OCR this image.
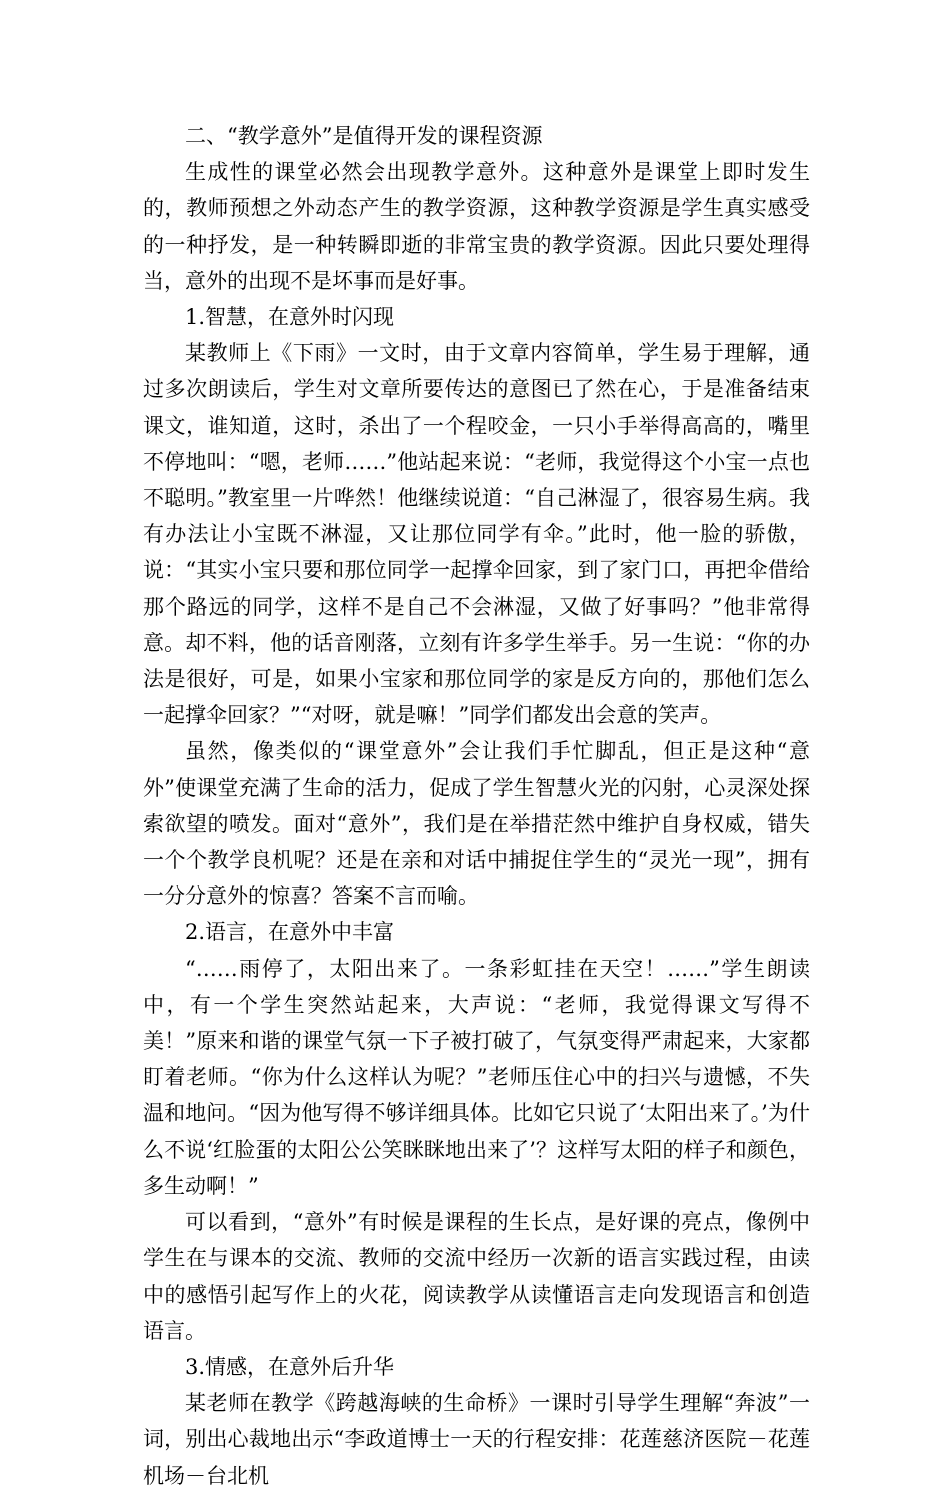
二、“教学意外”是值得开发的课程资源

生成性的课堂必然会出现教学意外。这种意外是课堂上即时发生的，教师预想之外动态产生的教学资源，这种教学资源是学生真实感受的一种抒发，是一种转瞬即逝的非常宝贵的教学资源。因此只要处理得当，意外的出现不是坏事而是好事。

1.智慧，在意外时闪现

某教师上《下雨》一文时，由于文章内容简单，学生易于理解，通过多次朗读后，学生对文章所要传达的意图已了然在心，于是准备结束课文，谁知道，这时，杀出了一个程咬金，一只小手举得高高的，嘴里不停地叫：“嗯，老师……”他站起来说：“老师，我觉得这个小宝一点也不聪明。”教室里一片哗然！他继续说道：“自己淋湿了，很容易生病。我有办法让小宝既不淋湿，又让那位同学有伞。”此时，他一脸的骄傲，说：“其实小宝只要和那位同学一起撑伞回家，到了家门口，再把伞借给那个路远的同学，这样不是自己不会淋湿，又做了好事吗？”他非常得意。却不料，他的话音刚落，立刻有许多学生举手。另一生说：“你的办法是很好，可是，如果小宝家和那位同学的家是反方向的，那他们怎么一起撑伞回家？”“对呀，就是嘛！”同学们都发出会意的笑声。

虽然，像类似的“课堂意外”会让我们手忙脚乱，但正是这种“意外”使课堂充满了生命的活力，促成了学生智慧火光的闪射，心灵深处探索欲望的喷发。面对“意外”，我们是在举措茫然中维护自身权威，错失一个个教学良机呢？还是在亲和对话中捕捉住学生的“灵光一现”，拥有一分分意外的惊喜？答案不言而喻。

2.语言，在意外中丰富

“……雨停了，太阳出来了。一条彩虹挂在天空！……”学生朗读中，有一个学生突然站起来，大声说：“老师，我觉得课文写得不美！”原来和谐的课堂气氛一下子被打破了，气氛变得严肃起来，大家都盯着老师。“你为什么这样认为呢？”老师压住心中的扫兴与遗憾，不失温和地问。“因为他写得不够详细具体。比如它只说了‘太阳出来了。’为什么不说‘红脸蛋的太阳公公笑眯眯地出来了’？这样写太阳的样子和颜色，多生动啊！”

可以看到，“意外”有时候是课程的生长点，是好课的亮点，像例中学生在与课本的交流、教师的交流中经历一次新的语言实践过程，由读中的感悟引起写作上的火花，阅读教学从读懂语言走向发现语言和创造语言。

3.情感，在意外后升华

某老师在教学《跨越海峡的生命桥》一课时引导学生理解“奔波”一词，别出心裁地出示“李政道博士一天的行程安排：花莲慈济医院－花莲机场－台北机
